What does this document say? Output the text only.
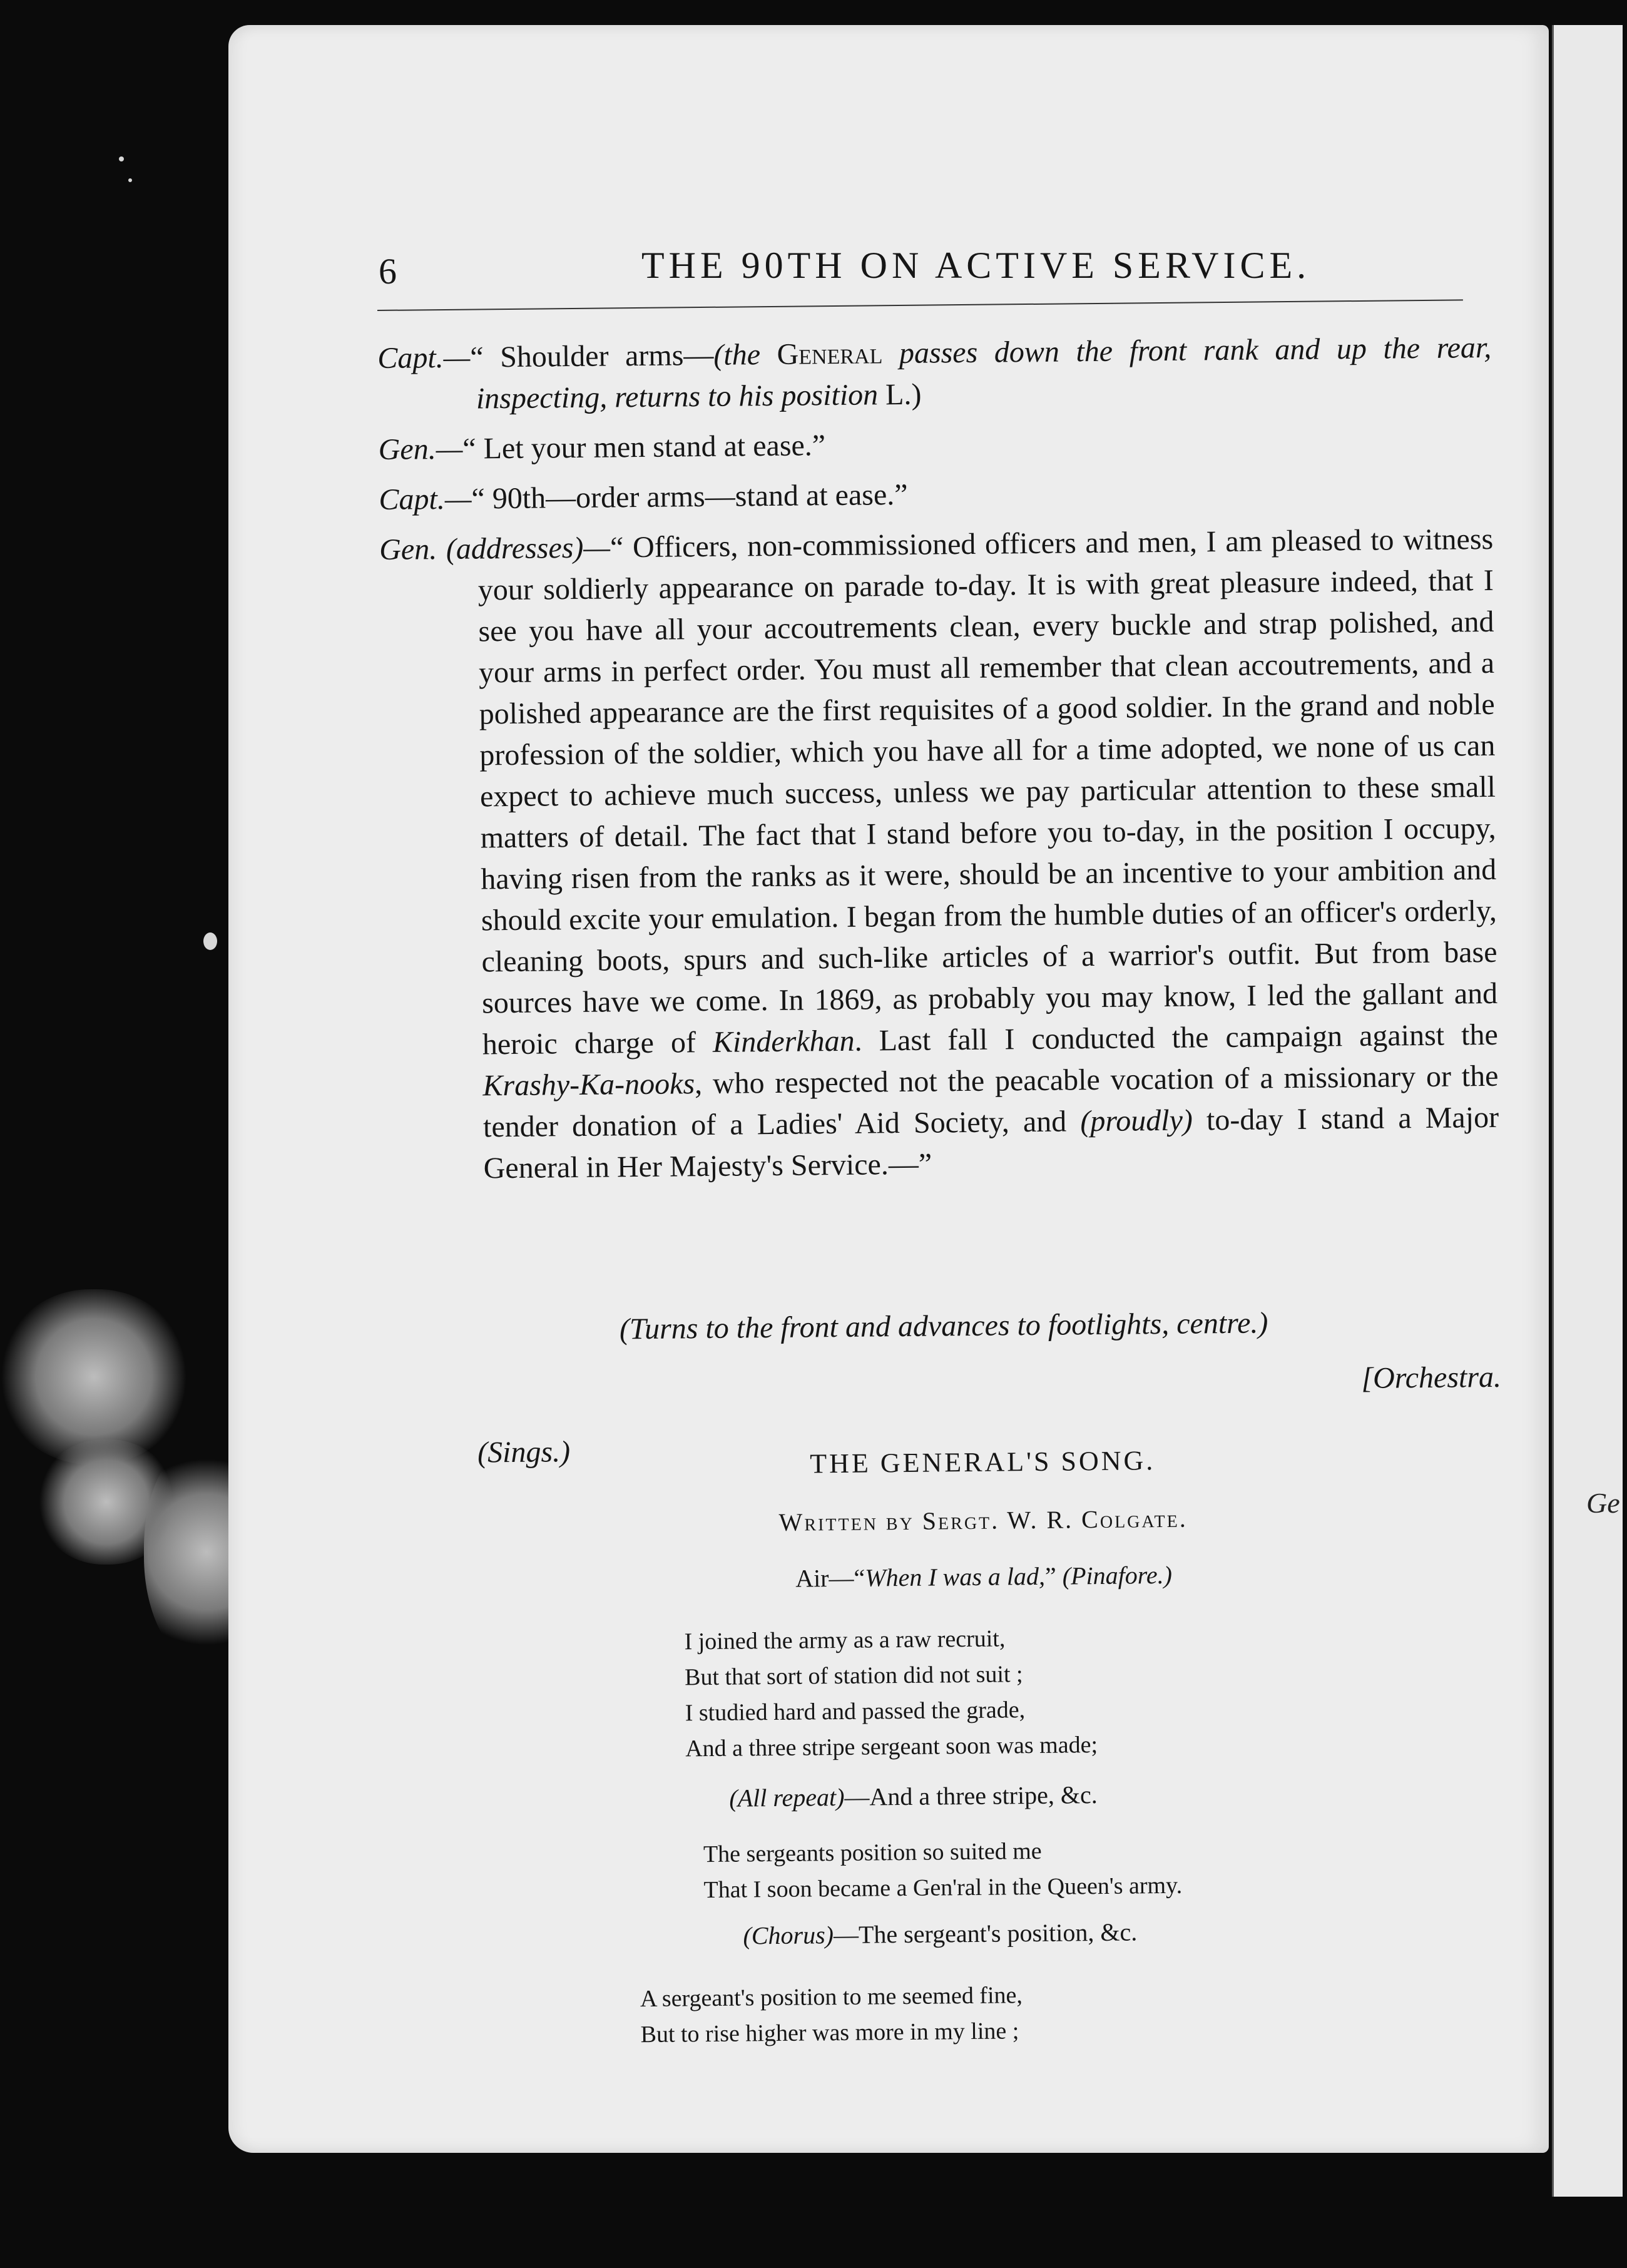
Ge
6	THE 90TH ON ACTIVE SERVICE.

Capt.—“ Shoulder arms—(the General passes down the front rank and up the rear, inspecting, returns to his position L.)

Gen.—“ Let your men stand at ease.”

Capt.—“ 90th—order arms—stand at ease.”

Gen. (addresses)—“ Officers, non-commissioned officers and men, I am pleased to witness your soldierly appearance on parade to-day. It is with great pleasure indeed, that I see you have all your accoutrements clean, every buckle and strap polished, and your arms in perfect order. You must all remember that clean accoutrements, and a polished appearance are the first requisites of a good soldier. In the grand and noble profession of the soldier, which you have all for a time adopted, we none of us can expect to achieve much success, unless we pay particular attention to these small matters of detail. The fact that I stand before you to-day, in the position I occupy, having risen from the ranks as it were, should be an incentive to your ambition and should excite your emulation. I began from the humble duties of an officer's orderly, cleaning boots, spurs and such-like articles of a warrior's outfit. But from base sources have we come. In 1869, as probably you may know, I led the gallant and heroic charge of Kinderkhan. Last fall I conducted the campaign against the Krashy-Ka-nooks, who respected not the peacable vocation of a missionary or the tender donation of a Ladies' Aid Society, and (proudly) to-day I stand a Major General in Her Majesty's Service.—”

(Turns to the front and advances to footlights, centre.)
[Orchestra.
(Sings.)	THE GENERAL'S SONG.
Written by Sergt. W. R. Colgate.
Air—“When I was a lad,” (Pinafore.)
I joined the army as a raw recruit,
But that sort of station did not suit ;
I studied hard and passed the grade,
And a three stripe sergeant soon was made;
(All repeat)—And a three stripe, &c.
The sergeants position so suited me
That I soon became a Gen'ral in the Queen's army.
(Chorus)—The sergeant's position, &c.
A sergeant's position to me seemed fine,
But to rise higher was more in my line ;
